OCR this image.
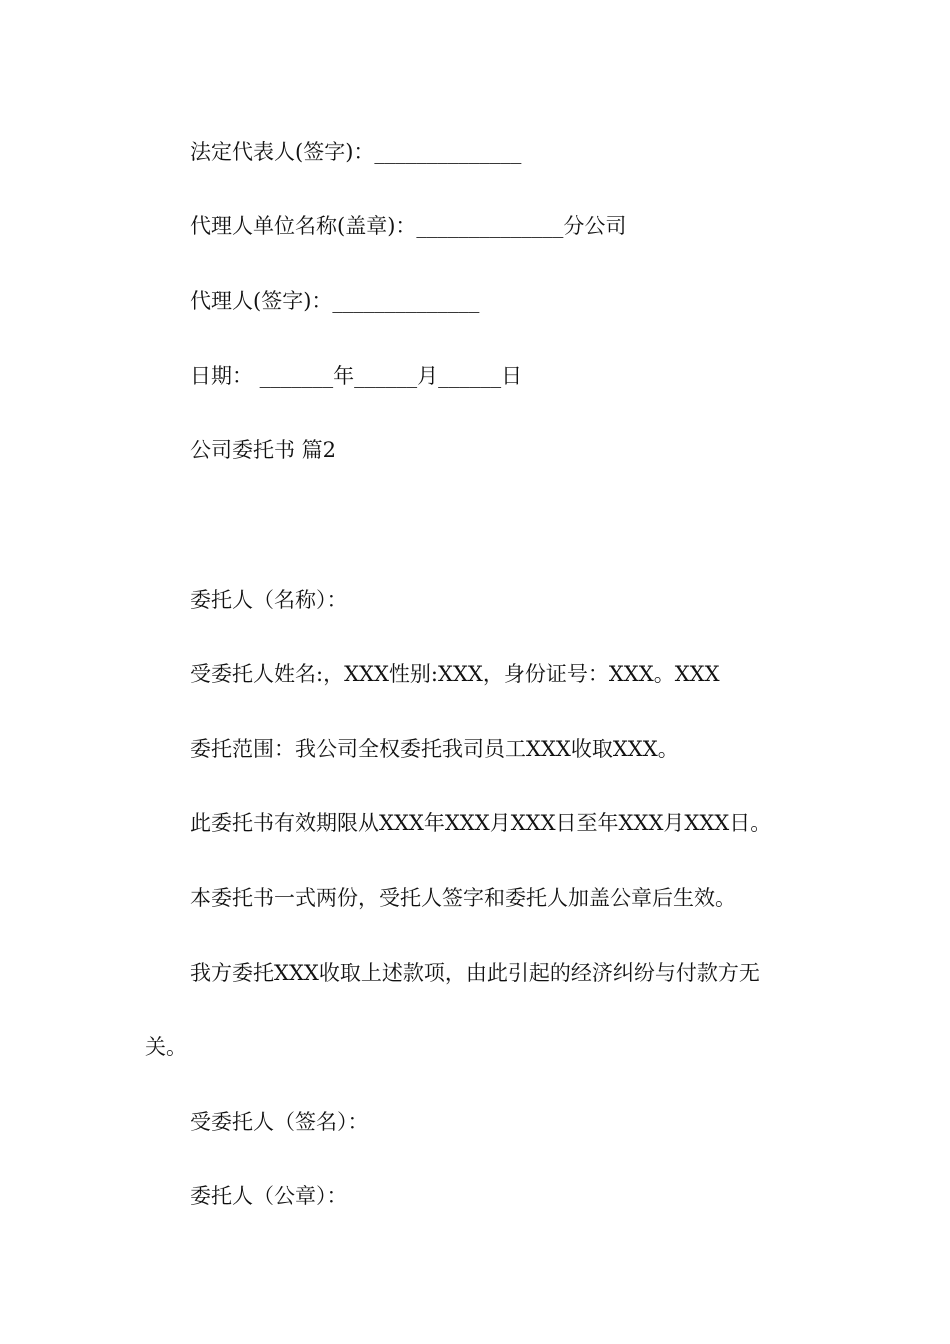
法定代表人(签字)：______________
代理人单位名称(盖章)：______________分公司
代理人(签字)：______________
日期： _______年______月______日
公司委托书 篇2
委托人（名称）：
受委托人姓名:，XXX性别:XXX，身份证号：XXX。XXX
委托范围：我公司全权委托我司员工XXX收取XXX。
此委托书有效期限从XXX年XXX月XXX日至年XXX月XXX日。
本委托书一式两份，受托人签字和委托人加盖公章后生效。
我方委托XXX收取上述款项，由此引起的经济纠纷与付款方无
关。
受委托人（签名）：
委托人（公章）：
